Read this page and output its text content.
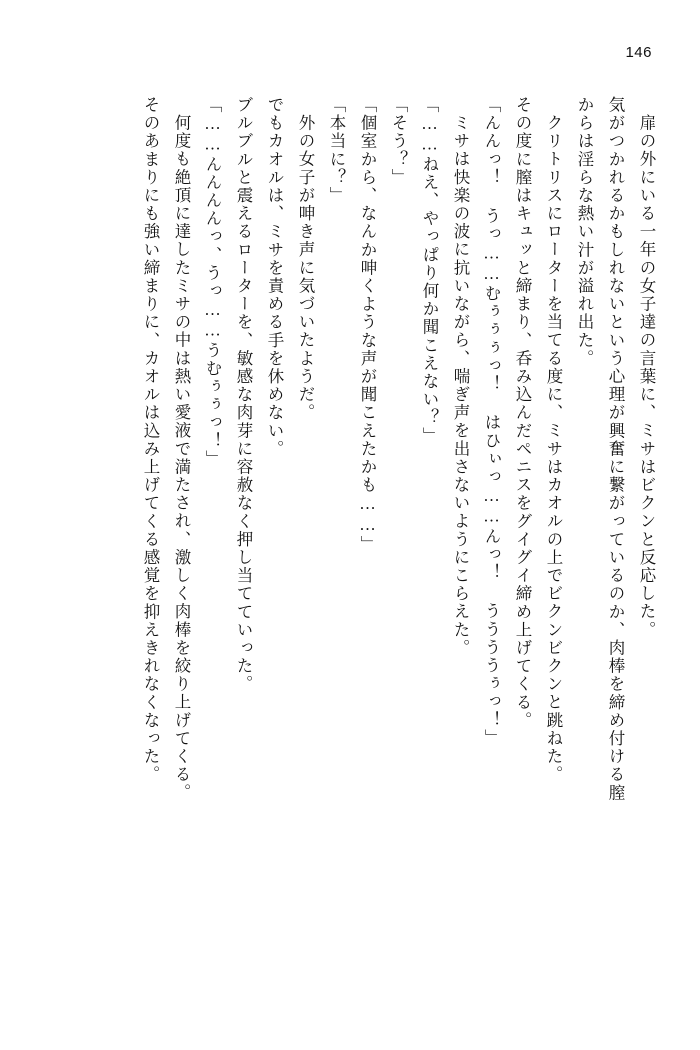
146
扉の外にいる一年の女子達の言葉に、ミサはビクンと反応した。
気がつかれるかもしれないという心理が興奮に繋がっているのか、肉棒を締め付ける膣
からは淫らな熱い汁が溢れ出た。
クリトリスにローターを当てる度に、ミサはカオルの上でビクンビクンと跳ねた。
その度に膣はキュッと締まり、呑み込んだペニスをグイグイ締め上げてくる。
「んんっ！ うっ……むぅぅぅっ！ はひぃっ……んっ！ ううううぅっ！」
ミサは快楽の波に抗いながら、喘ぎ声を出さないようにこらえた。
「……ねえ、やっぱり何か聞こえない？」
「そう？」
「個室から、なんか呻くような声が聞こえたかも……」
「本当に？」
外の女子が呻き声に気づいたようだ。
でもカオルは、ミサを責める手を休めない。
ブルブルと震えるローターを、敏感な肉芽に容赦なく押し当てていった。
「……んんんんっ、うっ……うむぅぅっ！」
何度も絶頂に達したミサの中は熱い愛液で満たされ、激しく肉棒を絞り上げてくる。
そのあまりにも強い締まりに、カオルは込み上げてくる感覚を抑えきれなくなった。
